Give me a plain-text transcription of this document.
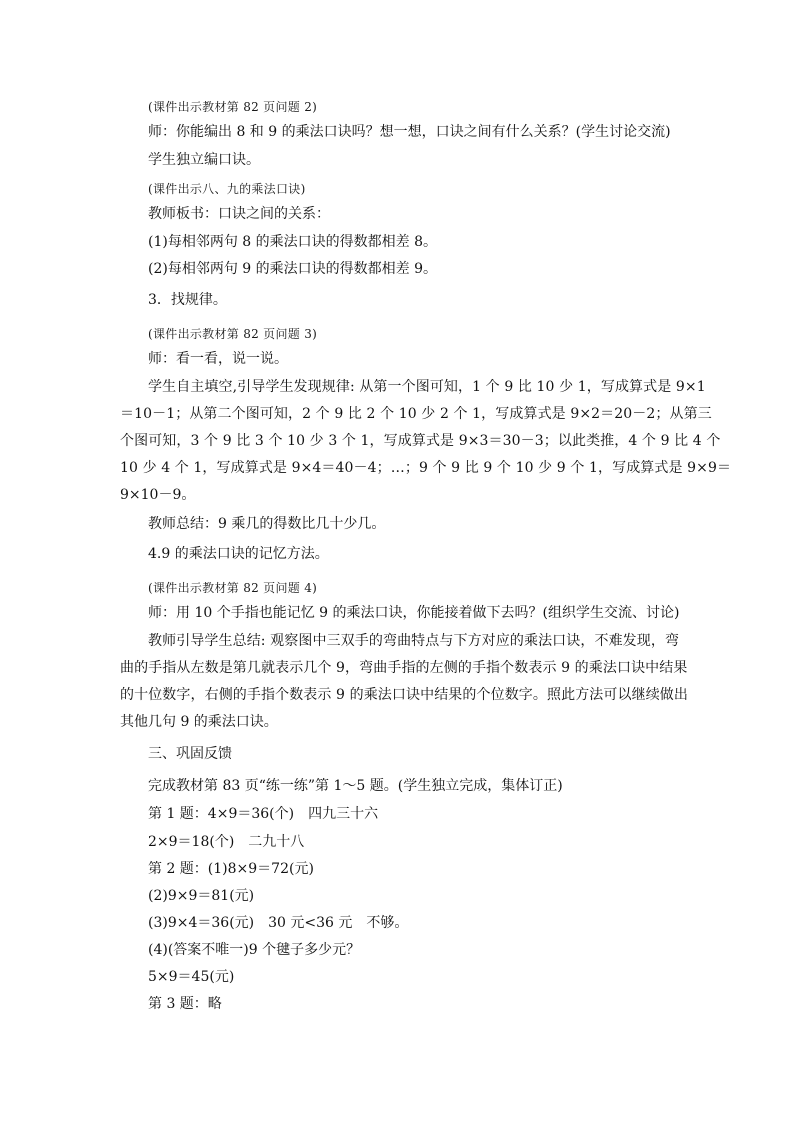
(课件出示教材第 82 页问题 2)
师：你能编出 8 和 9 的乘法口诀吗？想一想，口诀之间有什么关系？(学生讨论交流)
学生独立编口诀。
(课件出示八、九的乘法口诀)
教师板书：口诀之间的关系：
(1)每相邻两句 8 的乘法口诀的得数都相差 8。
(2)每相邻两句 9 的乘法口诀的得数都相差 9。
3．找规律。
(课件出示教材第 82 页问题 3)
师：看一看，说一说。
学生自主填空,引导学生发现规律: 从第一个图可知，1 个 9 比 10 少 1，写成算式是 9×1
＝10－1；从第二个图可知，2 个 9 比 2 个 10 少 2 个 1，写成算式是 9×2＝20－2；从第三
个图可知，3 个 9 比 3 个 10 少 3 个 1，写成算式是 9×3＝30－3；以此类推，4 个 9 比 4 个
10 少 4 个 1，写成算式是 9×4＝40－4；…；9 个 9 比 9 个 10 少 9 个 1，写成算式是 9×9＝
9×10－9。
教师总结：9 乘几的得数比几十少几。
4.9 的乘法口诀的记忆方法。
(课件出示教材第 82 页问题 4)
师：用 10 个手指也能记忆 9 的乘法口诀，你能接着做下去吗？(组织学生交流、讨论)
教师引导学生总结: 观察图中三双手的弯曲特点与下方对应的乘法口诀，不难发现，弯
曲的手指从左数是第几就表示几个 9，弯曲手指的左侧的手指个数表示 9 的乘法口诀中结果
的十位数字，右侧的手指个数表示 9 的乘法口诀中结果的个位数字。照此方法可以继续做出
其他几句 9 的乘法口诀。
三、巩固反馈
完成教材第 83 页“练一练”第 1～5 题。(学生独立完成，集体订正)
第 1 题：4×9＝36(个)　四九三十六
2×9＝18(个)　二九十八
第 2 题：(1)8×9＝72(元)
(2)9×9＝81(元)
(3)9×4＝36(元)　30 元<36 元　不够。
(4)(答案不唯一)9 个毽子多少元？
5×9＝45(元)
第 3 题：略
